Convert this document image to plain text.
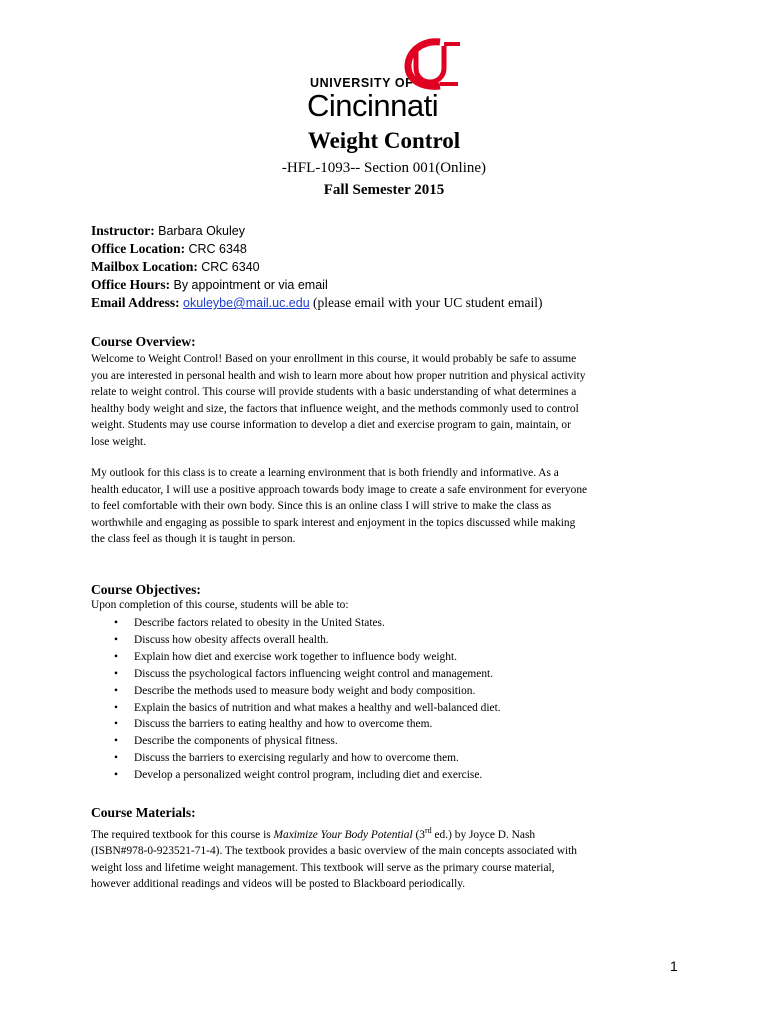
UNIVERSITY OF
Cincinnati
Weight Control
-HFL-1093-- Section 001(Online)
Fall Semester 2015
Instructor: Barbara Okuley
Office Location: CRC 6348
Mailbox Location: CRC 6340
Office Hours: By appointment or via email
Email Address: okuleybe@mail.uc.edu (please email with your UC student email)
Course Overview:
Welcome to Weight Control! Based on your enrollment in this course, it would probably be safe to assume
you are interested in personal health and wish to learn more about how proper nutrition and physical activity
relate to weight control. This course will provide students with a basic understanding of what determines a
healthy body weight and size, the factors that influence weight, and the methods commonly used to control
weight. Students may use course information to develop a diet and exercise program to gain, maintain, or
lose weight.
My outlook for this class is to create a learning environment that is both friendly and informative. As a
health educator, I will use a positive approach towards body image to create a safe environment for everyone
to feel comfortable with their own body. Since this is an online class I will strive to make the class as
worthwhile and engaging as possible to spark interest and enjoyment in the topics discussed while making
the class feel as though it is taught in person.
Course Objectives:
Upon completion of this course, students will be able to:
• Describe factors related to obesity in the United States.
• Discuss how obesity affects overall health.
• Explain how diet and exercise work together to influence body weight.
• Discuss the psychological factors influencing weight control and management.
• Describe the methods used to measure body weight and body composition.
• Explain the basics of nutrition and what makes a healthy and well-balanced diet.
• Discuss the barriers to eating healthy and how to overcome them.
• Describe the components of physical fitness.
• Discuss the barriers to exercising regularly and how to overcome them.
• Develop a personalized weight control program, including diet and exercise.
Course Materials:
The required textbook for this course is Maximize Your Body Potential (3rd ed.) by Joyce D. Nash
(ISBN#978-0-923521-71-4). The textbook provides a basic overview of the main concepts associated with
weight loss and lifetime weight management. This textbook will serve as the primary course material,
however additional readings and videos will be posted to Blackboard periodically.
1
